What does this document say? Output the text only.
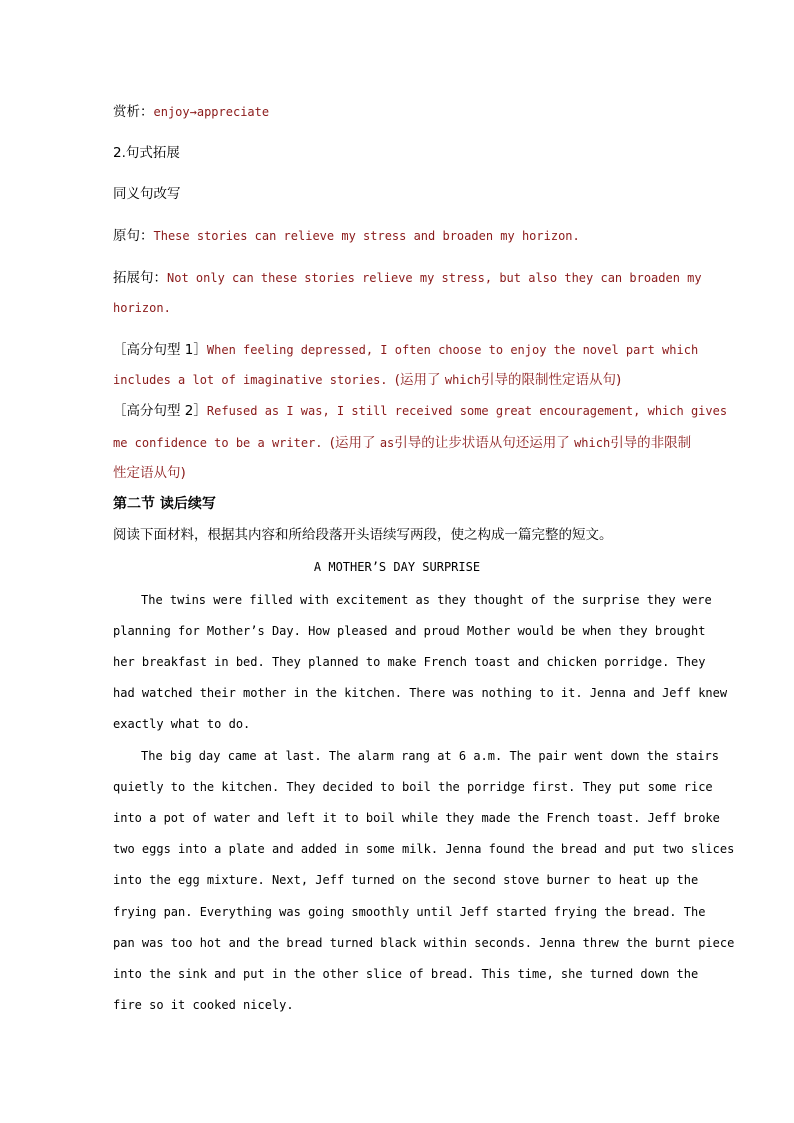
赏析：enjoy→appreciate
2.句式拓展
同义句改写
原句：These stories can relieve my stress and broaden my horizon.
拓展句：Not only can these stories relieve my stress, but also they can broaden my
horizon.
［高分句型 1］When feeling depressed, I often choose to enjoy the novel part which
includes a lot of imaginative stories. (运用了 which引导的限制性定语从句)
［高分句型 2］Refused as I was, I still received some great encouragement, which gives
me confidence to be a writer. (运用了 as引导的让步状语从句还运用了 which引导的非限制
性定语从句)
第二节 读后续写
阅读下面材料，根据其内容和所给段落开头语续写两段，使之构成一篇完整的短文。
A MOTHER’S DAY SURPRISE
The twins were filled with excitement as they thought of the surprise they were
planning for Mother’s Day. How pleased and proud Mother would be when they brought
her breakfast in bed. They planned to make French toast and chicken porridge. They
had watched their mother in the kitchen. There was nothing to it. Jenna and Jeff knew
exactly what to do.
The big day came at last. The alarm rang at 6 a.m. The pair went down the stairs
quietly to the kitchen. They decided to boil the porridge first. They put some rice
into a pot of water and left it to boil while they made the French toast. Jeff broke
two eggs into a plate and added in some milk. Jenna found the bread and put two slices
into the egg mixture. Next, Jeff turned on the second stove burner to heat up the
frying pan. Everything was going smoothly until Jeff started frying the bread. The
pan was too hot and the bread turned black within seconds. Jenna threw the burnt piece
into the sink and put in the other slice of bread. This time, she turned down the
fire so it cooked nicely.
